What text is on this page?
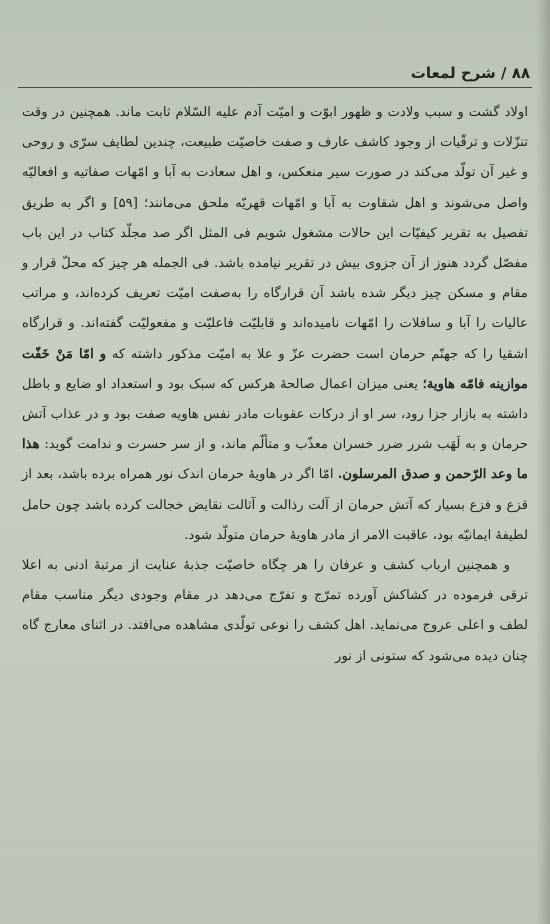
۸۸ / شرح لمعات

اولاد گشت و سبب ولادت و ظهور ابوّت و امیّت آدم علیه السّلام ثابت ماند. همچنین در وقت تنزّلات و ترقّیات از وجود کاشف عارف و صفت خاصیّت طبیعت، چندین لطایف سرّی و روحی و غیر آن تولّد می‌کند در صورت سیر منعکس، و اهل سعادت به آبا و امّهات صفاتیه و افعالیّه واصل می‌شوند و اهل شقاوت به آبا و امّهات قهریّه ملحق می‌مانند؛ [۵۹] و اگر به طریق تفصیل به تقریر کیفیّات این حالات مشغول شویم فی المثل اگر صد مجلّد کتاب در این باب مفصّل گردد هنوز از آن جزوی بیش در تقریر نیامده باشد. فی الجمله هر چیز که محلّ قرار و مقام و مسکن چیز دیگر شده باشد آن قرارگاه را به‌صفت امیّت تعریف کرده‌اند، و مراتب عالیات را آبا و سافلات را امّهات نامیده‌اند و قابلیّت فاعلیّت و مفعولیّت گفته‌اند. و قرارگاه اشقیا را که جهنّم حرمان است حضرت عزّ و علا به امیّت مذکور داشته که و امّا مَنْ خَفّت موازینه فامّه هاویة؛ یعنی میزان اعمال صالحهٔ هرکس که سبک بود و استعداد او ضایع و باطل داشته به بازار جزا رود، سر او از درکات عقوبات مادر نفس هاویه صفت بود و در عذاب آتش حرمان و به لَهَب شرر ضرر خسران معذّب و متألّم ماند، و از سر حسرت و ندامت گوید: هذا ما وعد الرّحمن و صدق المرسلون. امّا اگر در هاویهٔ حرمان اندک نور همراه برده باشد، بعد از قزع و فزع بسیار که آتش حرمان از آلت رذالت و آثالت نقایض خجالت کرده باشد چون حامل لطیفهٔ ایمانیّه بود، عاقبت الامر از مادر هاویهٔ حرمان متولّد شود.

و همچنین ارباب کشف و عرفان را هر چگاه خاصیّت جذبهٔ عنایت از مرتبهٔ ادنی به اعلا ترقی فرموده در کشاکش آورده تمرّج و تفرّج می‌دهد در مقام وجودی دیگر مناسب مقام لطف و اعلی عروج می‌نماید. اهل کشف را نوعی تولّدی مشاهده می‌افتد. در اثنای معارج گاه چنان دیده می‌شود که ستونی از نور
